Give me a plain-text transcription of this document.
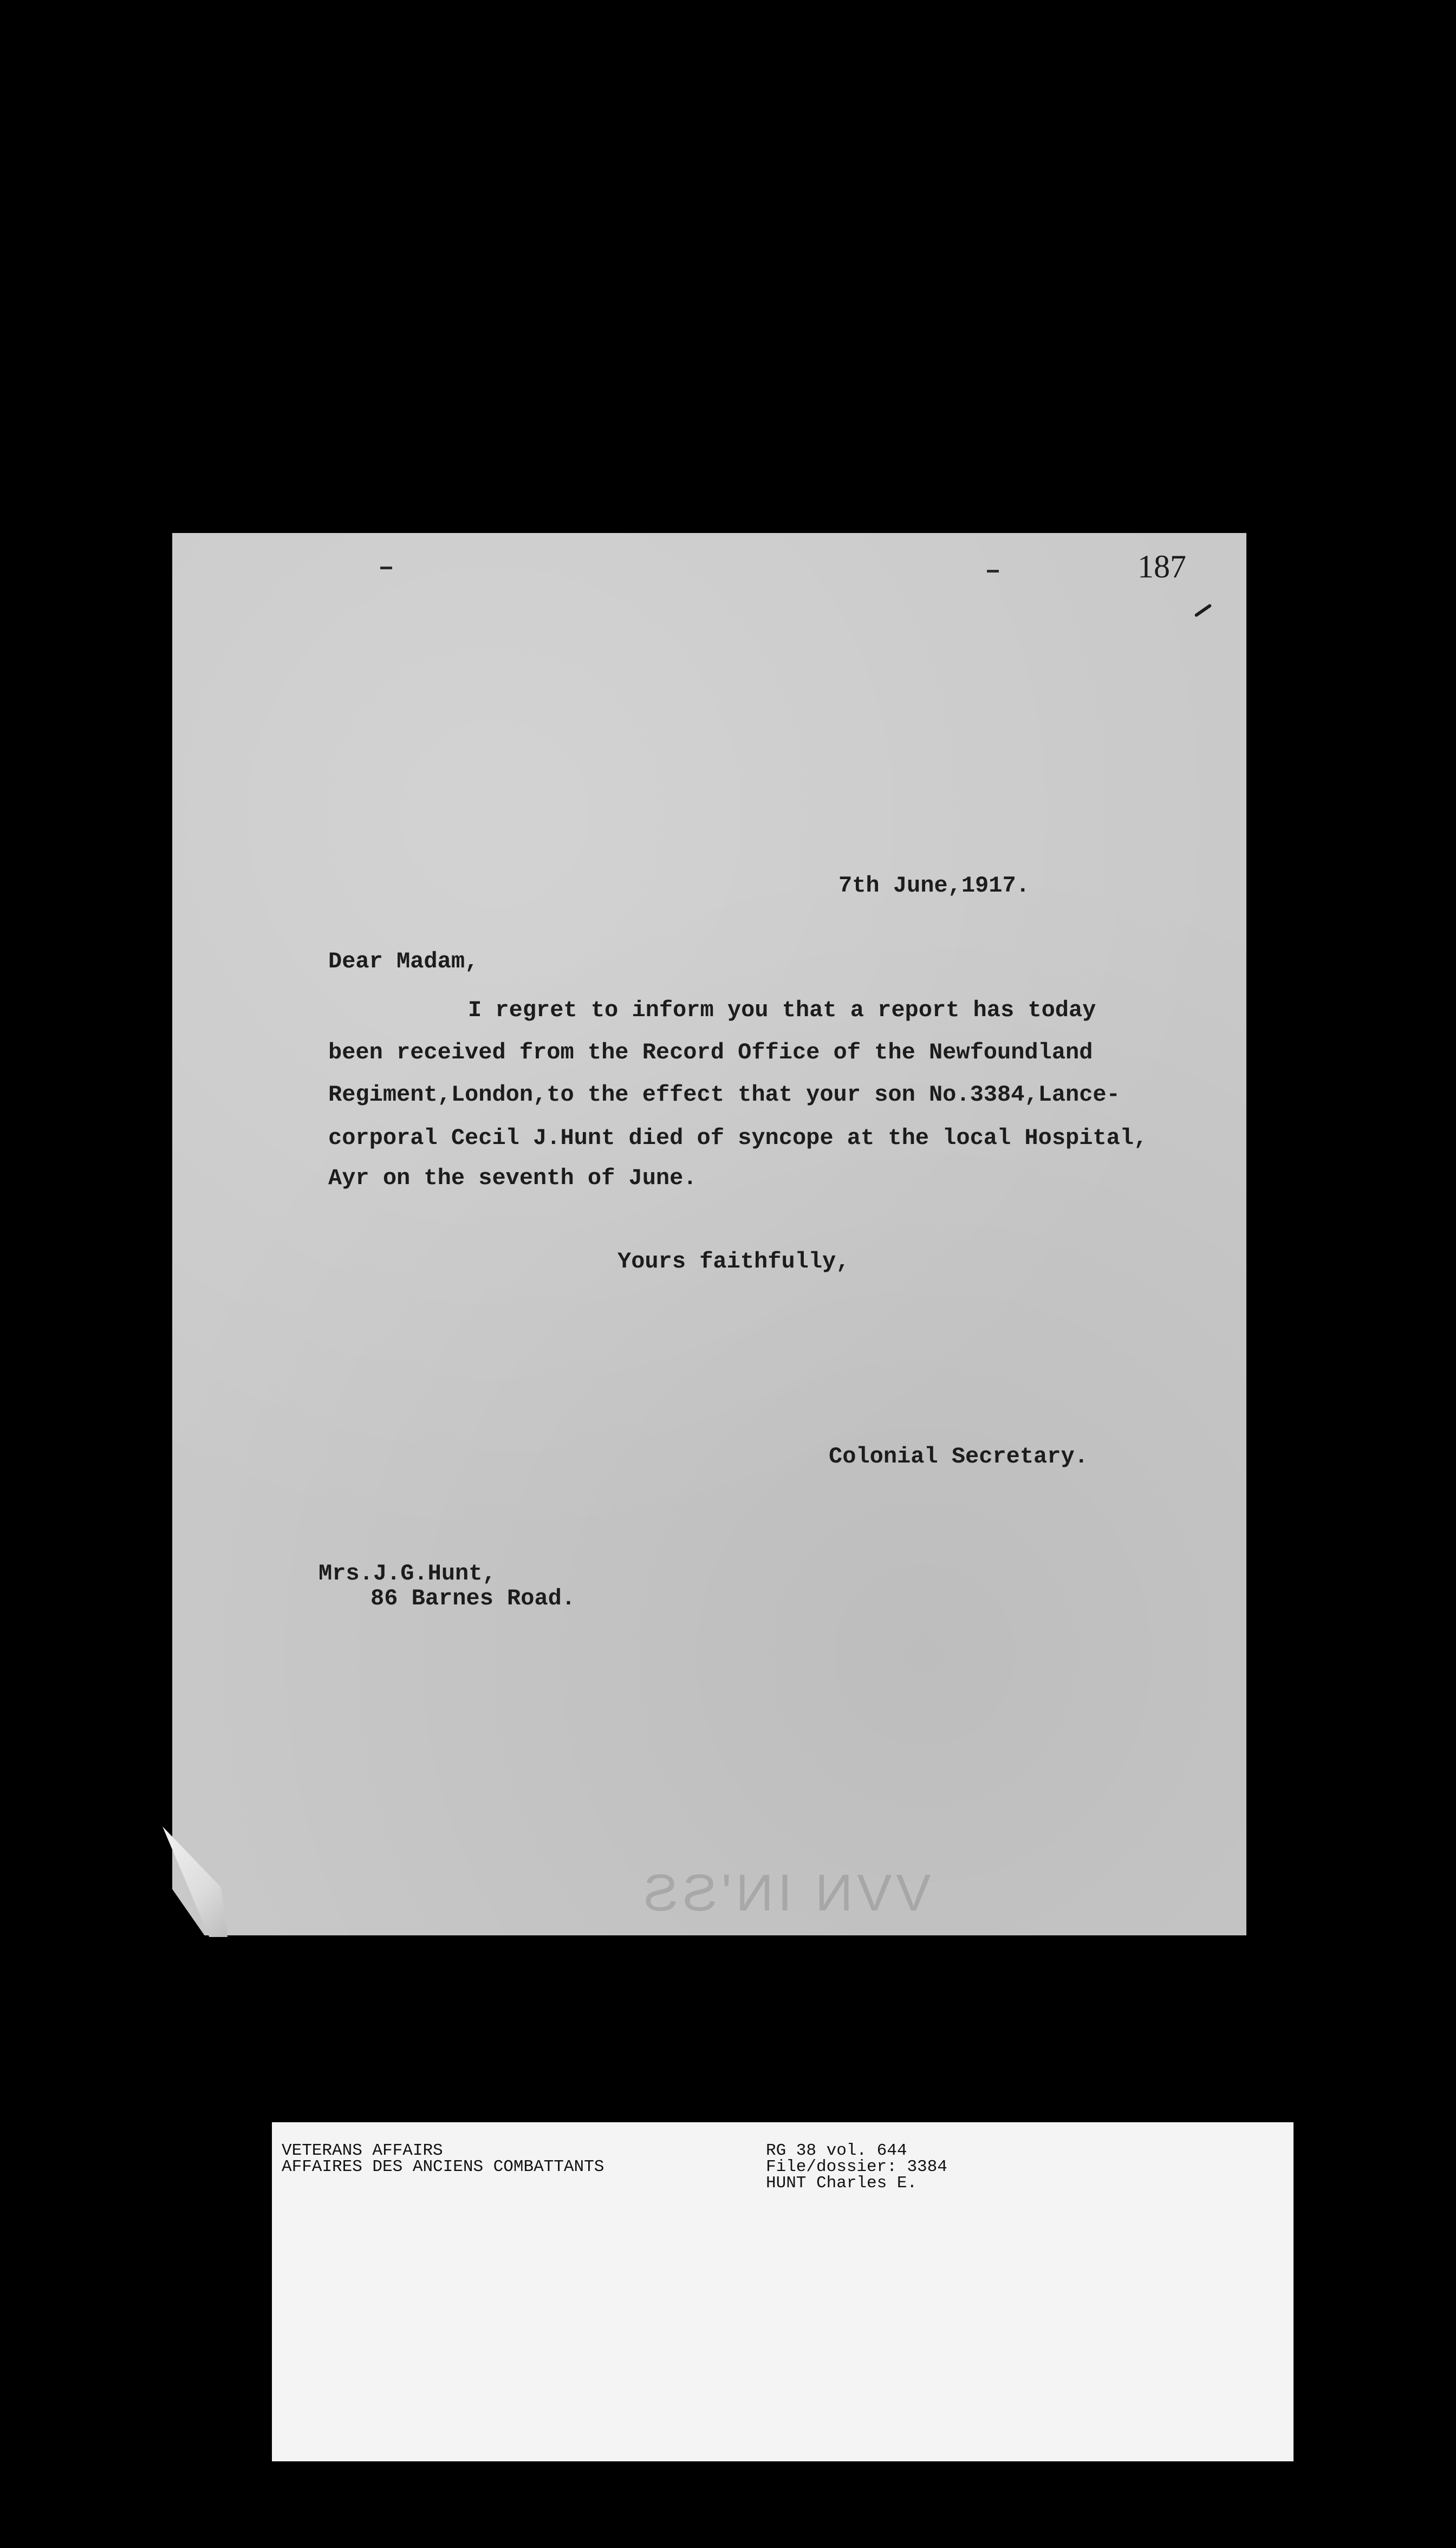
187
7th June,1917.
Dear Madam,
I regret to inform you that a report has today
been received from the Record Office of the Newfoundland
Regiment,London,to the effect that your son No.3384,Lance-
corporal Cecil J.Hunt died of syncope at the local Hospital,
Ayr on the seventh of June.
Yours faithfully,
Colonial Secretary.
Mrs.J.G.Hunt,
86 Barnes Road.
VVN IN'SS
VETERANS AFFAIRS
AFFAIRES DES ANCIENS COMBATTANTS
RG 38 vol. 644
File/dossier: 3384
HUNT Charles E.
